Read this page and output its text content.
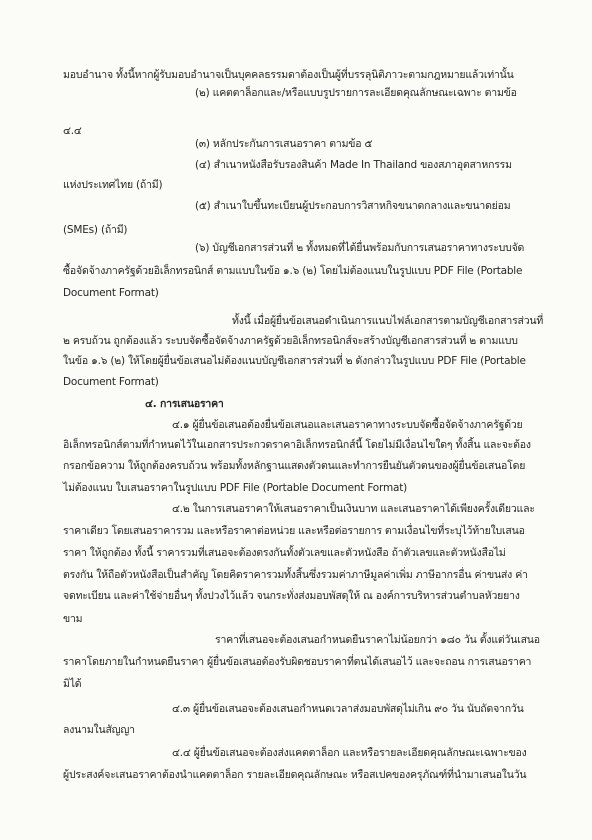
มอบอำนาจ ทั้งนี้หากผู้รับมอบอำนาจเป็นบุคคลธรรมดาต้องเป็นผู้ที่บรรลุนิติภาวะตามกฎหมายแล้วเท่านั้น
(๒) แคตตาล็อกและ/หรือแบบรูปรายการละเอียดคุณลักษณะเฉพาะ ตามข้อ
๔.๔
(๓) หลักประกันการเสนอราคา ตามข้อ ๕
(๔) สำเนาหนังสือรับรองสินค้า Made In Thailand ของสภาอุตสาหกรรม
แห่งประเทศไทย (ถ้ามี)
(๕) สำเนาใบขึ้นทะเบียนผู้ประกอบการวิสาหกิจขนาดกลางและขนาดย่อม
(SMEs) (ถ้ามี)
(๖) บัญชีเอกสารส่วนที่ ๒ ทั้งหมดที่ได้ยื่นพร้อมกับการเสนอราคาทางระบบจัด
ซื้อจัดจ้างภาครัฐด้วยอิเล็กทรอนิกส์ ตามแบบในข้อ ๑.๖ (๒) โดยไม่ต้องแนบในรูปแบบ PDF File (Portable
Document Format)
ทั้งนี้ เมื่อผู้ยื่นข้อเสนอดำเนินการแนบไฟล์เอกสารตามบัญชีเอกสารส่วนที่
๒ ครบถ้วน ถูกต้องแล้ว ระบบจัดซื้อจัดจ้างภาครัฐด้วยอิเล็กทรอนิกส์จะสร้างบัญชีเอกสารส่วนที่ ๒ ตามแบบ
ในข้อ ๑.๖ (๒) ให้โดยผู้ยื่นข้อเสนอไม่ต้องแนบบัญชีเอกสารส่วนที่ ๒ ดังกล่าวในรูปแบบ PDF File (Portable
Document Format)
๔. การเสนอราคา
๔.๑ ผู้ยื่นข้อเสนอต้องยื่นข้อเสนอและเสนอราคาทางระบบจัดซื้อจัดจ้างภาครัฐด้วย
อิเล็กทรอนิกส์ตามที่กำหนดไว้ในเอกสารประกวดราคาอิเล็กทรอนิกส์นี้ โดยไม่มีเงื่อนไขใดๆ ทั้งสิ้น และจะต้อง
กรอกข้อความ ให้ถูกต้องครบถ้วน พร้อมทั้งหลักฐานแสดงตัวตนและทำการยืนยันตัวตนของผู้ยื่นข้อเสนอโดย
ไม่ต้องแนบ ใบเสนอราคาในรูปแบบ PDF File (Portable Document Format)
๔.๒ ในการเสนอราคาให้เสนอราคาเป็นเงินบาท และเสนอราคาได้เพียงครั้งเดียวและ
ราคาเดียว โดยเสนอราคารวม และหรือราคาต่อหน่วย และหรือต่อรายการ ตามเงื่อนไขที่ระบุไว้ท้ายใบเสนอ
ราคา ให้ถูกต้อง ทั้งนี้ ราคารวมที่เสนอจะต้องตรงกันทั้งตัวเลขและตัวหนังสือ ถ้าตัวเลขและตัวหนังสือไม่
ตรงกัน ให้ถือตัวหนังสือเป็นสำคัญ โดยคิดราคารวมทั้งสิ้นซึ่งรวมค่าภาษีมูลค่าเพิ่ม ภาษีอากรอื่น ค่าขนส่ง ค่า
จดทะเบียน และค่าใช้จ่ายอื่นๆ ทั้งปวงไว้แล้ว จนกระทั่งส่งมอบพัสดุให้ ณ องค์การบริหารส่วนตำบลหัวยยาง
ขาม
ราคาที่เสนอจะต้องเสนอกำหนดยืนราคาไม่น้อยกว่า ๑๘๐ วัน ตั้งแต่วันเสนอ
ราคาโดยภายในกำหนดยืนราคา ผู้ยื่นข้อเสนอต้องรับผิดชอบราคาที่ตนได้เสนอไว้ และจะถอน การเสนอราคา
มิได้
๔.๓ ผู้ยื่นข้อเสนอจะต้องเสนอกำหนดเวลาส่งมอบพัสดุไม่เกิน ๙๐ วัน นับถัดจากวัน
ลงนามในสัญญา
๔.๔ ผู้ยื่นข้อเสนอจะต้องส่งแคตตาล็อก และหรือรายละเอียดคุณลักษณะเฉพาะของ
ผู้ประสงค์จะเสนอราคาต้องนำแคตตาล็อก รายละเอียดคุณลักษณะ หรือสเปคของครุภัณฑ์ที่นำมาเสนอในวัน
